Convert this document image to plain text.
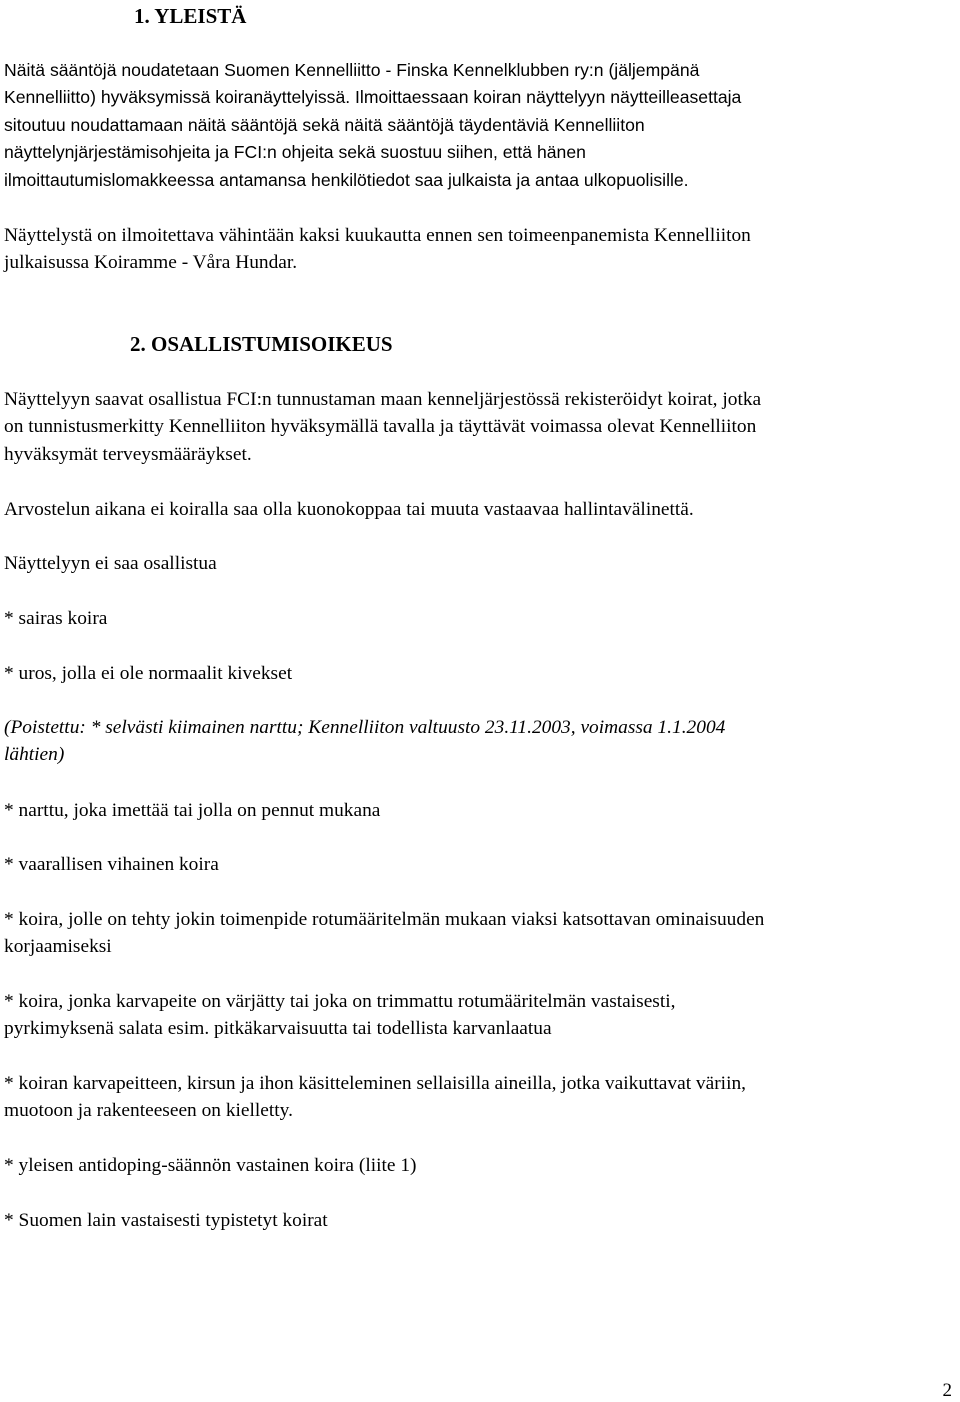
1. YLEISTÄ

Näitä sääntöjä noudatetaan Suomen Kennelliitto - Finska Kennelklubben ry:n (jäljempänä
Kennelliitto) hyväksymissä koiranäyttelyissä. Ilmoittaessaan koiran näyttelyyn näytteilleasettaja
sitoutuu noudattamaan näitä sääntöjä sekä näitä sääntöjä täydentäviä Kennelliiton
näyttelynjärjestämisohjeita ja FCI:n ohjeita sekä suostuu siihen, että hänen
ilmoittautumislomakkeessa antamansa henkilötiedot saa julkaista ja antaa ulkopuolisille.

Näyttelystä on ilmoitettava vähintään kaksi kuukautta ennen sen toimeenpanemista Kennelliiton
julkaisussa Koiramme - Våra Hundar.

2. OSALLISTUMISOIKEUS

Näyttelyyn saavat osallistua FCI:n tunnustaman maan kenneljärjestössä rekisteröidyt koirat, jotka
on tunnistusmerkitty Kennelliiton hyväksymällä tavalla ja täyttävät voimassa olevat Kennelliiton
hyväksymät terveysmääräykset.

Arvostelun aikana ei koiralla saa olla kuonokoppaa tai muuta vastaavaa hallintavälinettä.

Näyttelyyn ei saa osallistua

* sairas koira

* uros, jolla ei ole normaalit kivekset

(Poistettu: * selvästi kiimainen narttu; Kennelliiton valtuusto 23.11.2003, voimassa 1.1.2004
lähtien)

* narttu, joka imettää tai jolla on pennut mukana

* vaarallisen vihainen koira

* koira, jolle on tehty jokin toimenpide rotumääritelmän mukaan viaksi katsottavan ominaisuuden
korjaamiseksi

* koira, jonka karvapeite on värjätty tai joka on trimmattu rotumääritelmän vastaisesti,
pyrkimyksenä salata esim. pitkäkarvaisuutta tai todellista karvanlaatua

* koiran karvapeitteen, kirsun ja ihon käsitteleminen sellaisilla aineilla, jotka vaikuttavat väriin,
muotoon ja rakenteeseen on kielletty.

* yleisen antidoping-säännön vastainen koira (liite 1)

* Suomen lain vastaisesti typistetyt koirat

2
